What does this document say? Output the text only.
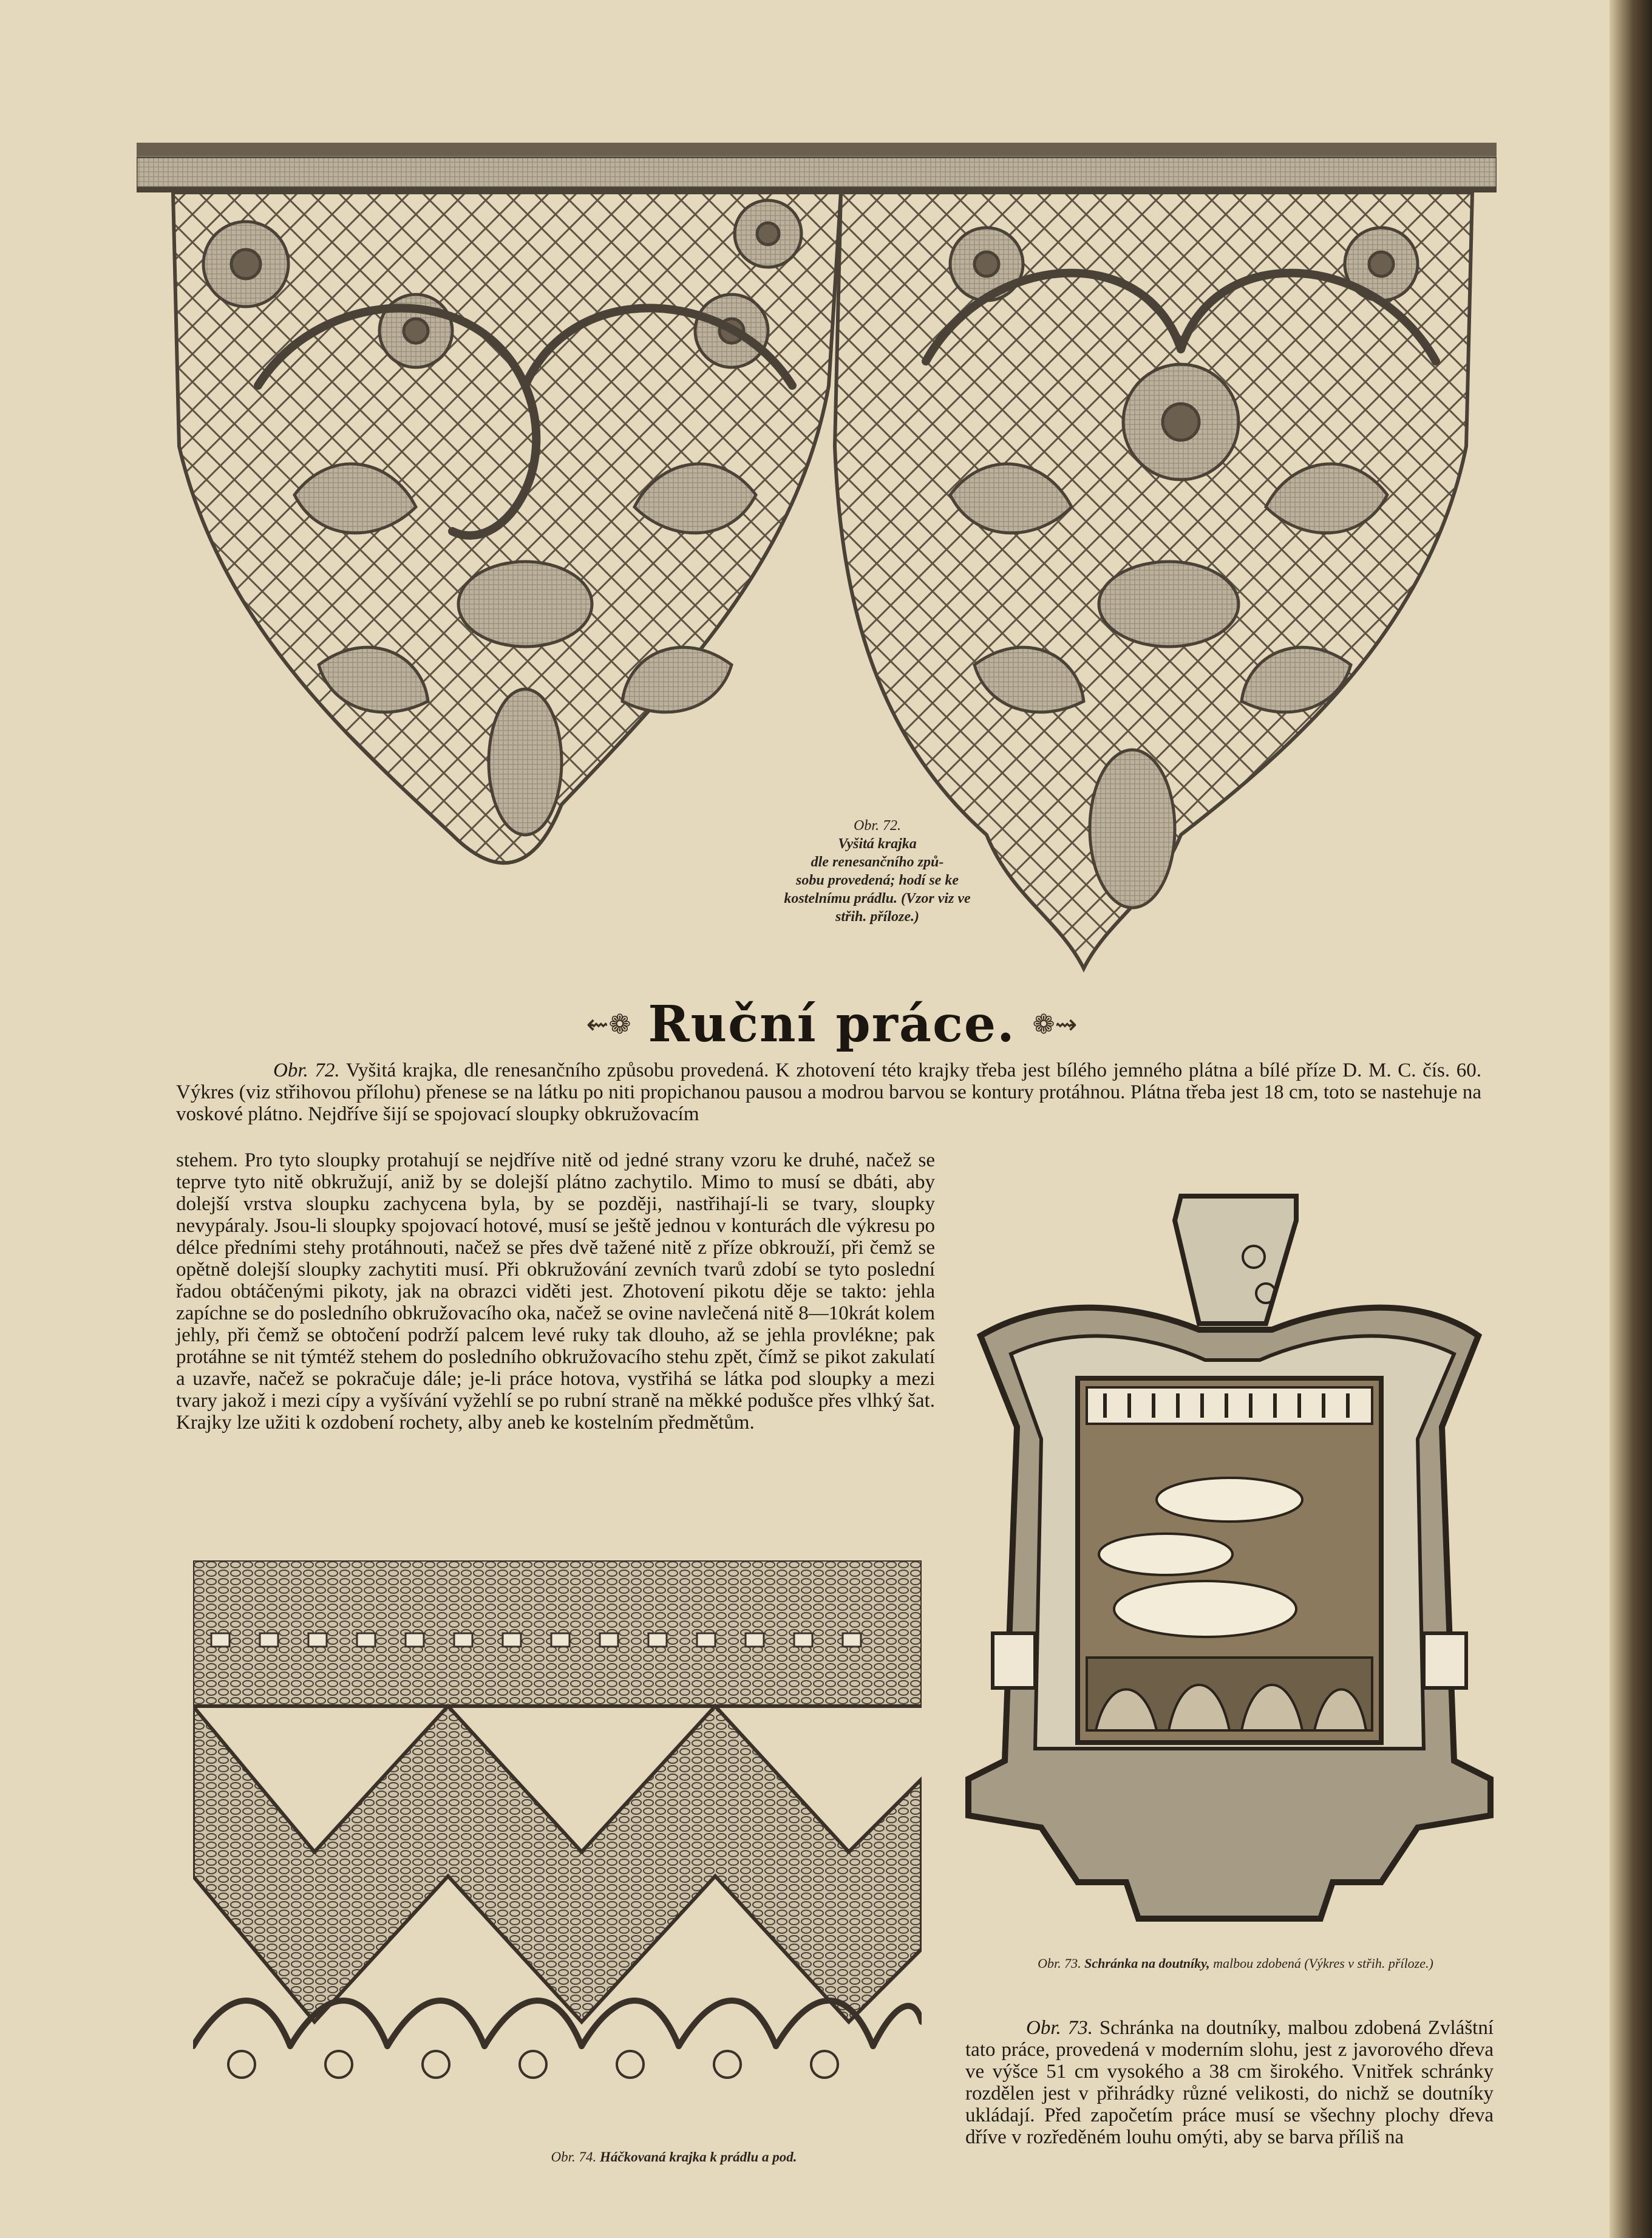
Obr. 72.
Vyšitá krajka
dle renesančního způ-
sobu provedená; hodí se ke
kostelnímu prádlu. (Vzor viz ve
střih. příloze.)
⇜❁ Ruční práce. ❁⇝
Obr. 72. Vyšitá krajka, dle renesančního způsobu provedená. K zhotovení této krajky třeba jest bílého jemného plátna a bílé příze D. M. C. čís. 60. Výkres (viz střihovou přílohu) přenese se na látku po niti propichanou pausou a modrou barvou se kontury protáhnou. Plátna třeba jest 18 cm, toto se nastehuje na voskové plátno. Nejdříve šijí se spojovací sloupky obkružovacím
stehem. Pro tyto sloupky protahují se nejdříve nitě od jedné strany vzoru ke druhé, načež se teprve tyto nitě obkružují, aniž by se dolejší plátno zachytilo. Mimo to musí se dbáti, aby dolejší vrstva sloupku zachycena byla, by se později, nastřihají-li se tvary, sloupky nevypáraly. Jsou-li sloupky spojovací hotové, musí se ještě jednou v konturách dle výkresu po délce předními stehy protáhnouti, načež se přes dvě tažené nitě z příze obkrouží, při čemž se opětně dolejší sloupky zachytiti musí. Při obkružování zevních tvarů zdobí se tyto poslední řadou obtáčenými pikoty, jak na obrazci viděti jest. Zhotovení pikotu děje se takto: jehla zapíchne se do posledního obkružovacího oka, načež se ovine navlečená nitě 8—10krát kolem jehly, při čemž se obtočení podrží palcem levé ruky tak dlouho, až se jehla provlékne; pak protáhne se nit týmtéž stehem do posledního obkružovacího stehu zpět, čímž se pikot zakulatí a uzavře, načež se pokračuje dále; je-li práce hotova, vystřihá se látka pod sloupky a mezi tvary jakož i mezi cípy a vyšívání vyžehlí se po rubní straně na měkké podušce přes vlhký šat. Krajky lze užiti k ozdobení rochety, alby aneb ke kostelním předmětům.
Obr. 73. Schránka na doutníky, malbou zdobená (Výkres v střih. příloze.)
Obr. 74. Háčkovaná krajka k prádlu a pod.
Obr. 73. Schránka na doutníky, malbou zdobená Zvláštní tato práce, provedená v moderním slohu, jest z javorového dřeva ve výšce 51 cm vysokého a 38 cm širokého. Vnitřek schránky rozdělen jest v přihrádky různé velikosti, do nichž se doutníky ukládají. Před započetím práce musí se všechny plochy dřeva dříve v rozředěném louhu omýti, aby se barva příliš na
